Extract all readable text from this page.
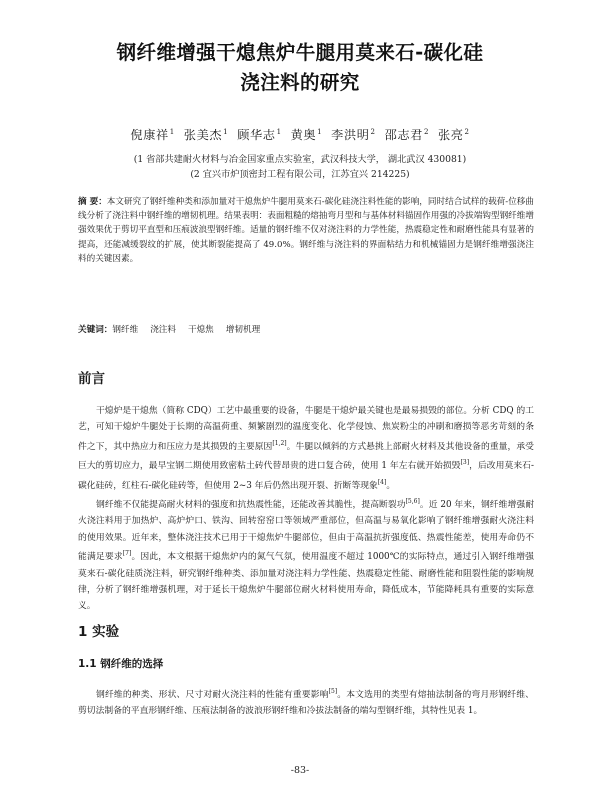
钢纤维增强干熄焦炉牛腿用莫来石-碳化硅
浇注料的研究
倪康祥$^1$ 张美杰$^1$ 顾华志$^1$ 黄奥$^1$ 李洪明$^2$ 邵志君$^2$ 张亮$^2$
(1 省部共建耐火材料与冶金国家重点实验室，武汉科技大学， 湖北武汉 430081)
(2 宜兴市炉顶密封工程有限公司，江苏宜兴 214225)
摘 要：本文研究了钢纤维种类和添加量对干熄焦炉牛腿用莫来石-碳化硅浇注料性能的影响，同时结合试样的载荷-位移曲线分析了浇注料中钢纤维的增韧机理。结果表明：表面粗糙的熔抽弯月型和与基体材料锚固作用强的冷拔端钩型钢纤维增强效果优于剪切平直型和压痕波浪型钢纤维。适量的钢纤维不仅对浇注料的力学性能，热震稳定性和耐磨性能具有显著的提高，还能减缓裂纹的扩展，使其断裂能提高了 49.0%。钢纤维与浇注料的界面粘结力和机械锚固力是钢纤维增强浇注料的关键因素。
关键词：钢纤维 浇注料 干熄焦 增韧机理
前言

干熄炉是干熄焦（简称 CDQ）工艺中最重要的设备，牛腿是干熄炉最关键也是最易损毁的部位。分析 CDQ 的工艺，可知干熄炉牛腿处于长期的高温荷重、频繁剧烈的温度变化、化学侵蚀、焦炭粉尘的冲刷和磨损等恶劣苛刻的条件之下，其中热应力和压应力是其损毁的主要原因[1,2]。牛腿以倾斜的方式悬挑上部耐火材料及其他设备的重量，承受巨大的剪切应力，最早宝钢二期使用致密粘土砖代替昂贵的进口复合砖，使用 1 年左右就开始损毁[3]，后改用莫来石-碳化硅砖，红柱石-碳化硅砖等，但使用 2~3 年后仍然出现开裂、折断等现象[4]。

钢纤维不仅能提高耐火材料的强度和抗热震性能，还能改善其脆性，提高断裂功[5,6]。近 20 年来，钢纤维增强耐火浇注料用于加热炉、高炉炉口、铁沟、回转窑窑口等领域严重部位，但高温与易氧化影响了钢纤维增强耐火浇注料的使用效果。近年来，整体浇注技术已用于干熄焦炉牛腿部位，但由于高温抗折强度低、热震性能差，使用寿命仍不能满足要求[7]。因此，本文根据干熄焦炉内的氮气气氛，使用温度不超过 1000℃的实际特点，通过引入钢纤维增强莫来石-碳化硅质浇注料，研究钢纤维种类、添加量对浇注料力学性能、热震稳定性能、耐磨性能和阻裂性能的影响规律，分析了钢纤维增强机理，对于延长干熄焦炉牛腿部位耐火材料使用寿命，降低成本，节能降耗具有重要的实际意义。

1 实验
1.1 钢纤维的选择

钢纤维的种类、形状、尺寸对耐火浇注料的性能有重要影响[5]。本文选用的类型有熔抽法制备的弯月形钢纤维、剪切法制备的平直形钢纤维、压痕法制备的波浪形钢纤维和冷拔法制备的端勾型钢纤维，其特性见表 1。

-83-
